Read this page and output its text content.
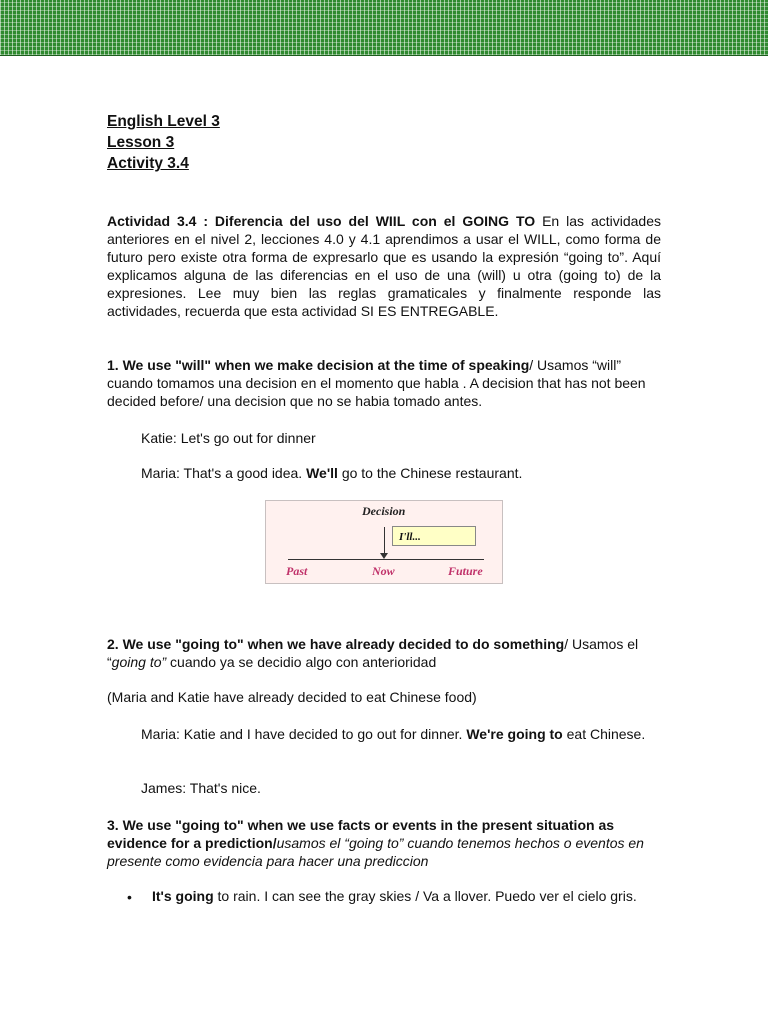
English Level 3
Lesson 3
Activity 3.4
Actividad 3.4 : Diferencia del uso del WIIL con el GOING TO En las actividades anteriores en el nivel 2, lecciones 4.0 y 4.1 aprendimos a usar el WILL, como forma de futuro pero existe otra forma de expresarlo que es usando la expresión “going to”. Aquí explicamos alguna de las diferencias en el uso de una (will) u otra (going to) de la expresiones. Lee muy bien las reglas gramaticales y finalmente responde las actividades, recuerda que esta actividad SI ES ENTREGABLE.
1. We use "will" when we make decision at the time of speaking/ Usamos “will” cuando tomamos una decision en el momento que habla . A decision that has not been decided before/ una decision que no se habia tomado antes.
Katie: Let's go out for dinner
Maria: That's a good idea. We'll go to the Chinese restaurant.
Decision
I'll...
Past	Now	Future
2. We use "going to" when we have already decided to do something/ Usamos el “going to” cuando ya se decidio algo con anterioridad
(Maria and Katie have already decided to eat Chinese food)
Maria: Katie and I have decided to go out for dinner. We're going to eat Chinese.
James: That's nice.
3. We use "going to" when we use facts or events in the present situation as evidence for a prediction/usamos el “going to” cuando tenemos hechos o eventos en presente como evidencia para hacer una prediccion
• It's going to rain. I can see the gray skies / Va a llover. Puedo ver el cielo gris.
